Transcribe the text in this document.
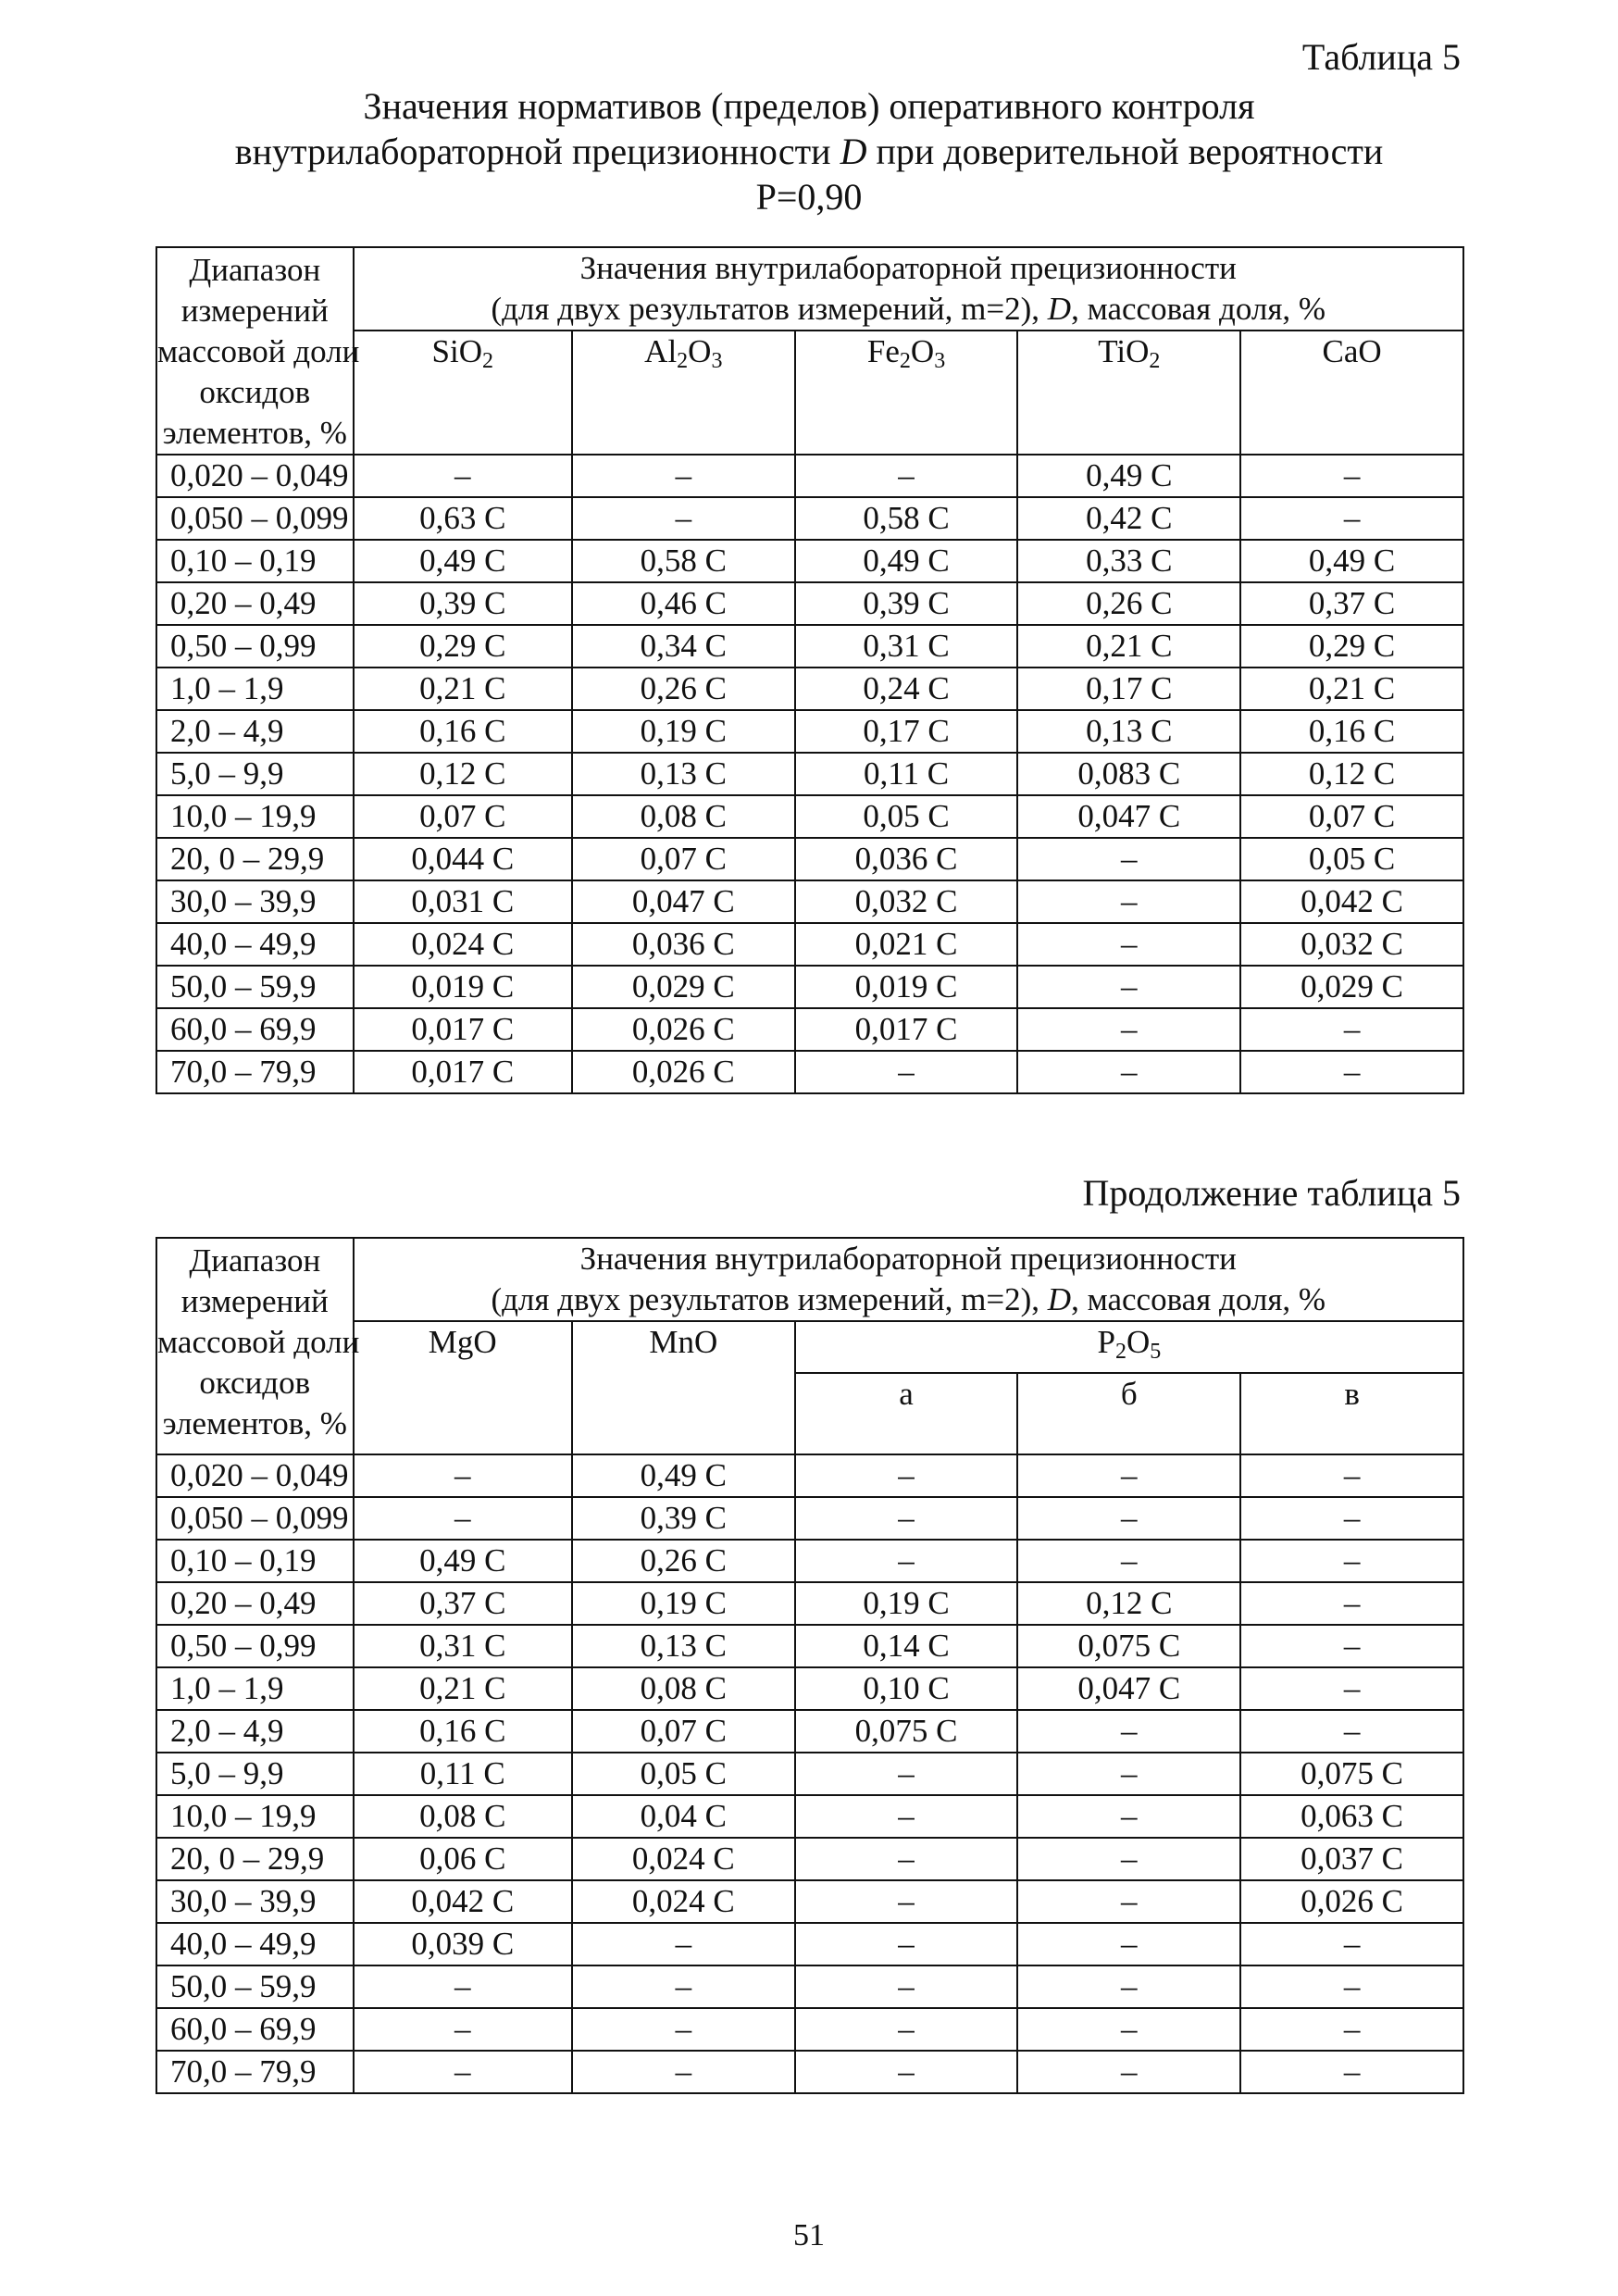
Таблица 5
Значения нормативов (пределов) оперативного контроля
внутрилабораторной прецизионности D при доверительной вероятности
P=0,90
Диапазон
измерений
массовой доли
оксидов
элементов, %	Значения внутрилабораторной прецизионности
(для двух результатов измерений, m=2), D, массовая доля, %				

	SiO$_2$	$Al_2O_3$	$Fe_2O_3$	TiO$_2$	CaO
0,020 – 0,049	–	–	–	0,49 С	–
0,050 – 0,099	0,63 С	–	0,58 С	0,42 С	–
0,10 – 0,19	0,49 С	0,58 С	0,49 С	0,33 С	0,49 С
0,20 – 0,49	0,39 С	0,46 С	0,39 С	0,26 С	0,37 С
0,50 – 0,99	0,29 С	0,34 С	0,31 С	0,21 С	0,29 С
1,0 – 1,9	0,21 С	0,26 С	0,24 С	0,17 С	0,21 С
2,0 – 4,9	0,16 С	0,19 С	0,17 С	0,13 С	0,16 С
5,0 – 9,9	0,12 С	0,13 С	0,11 С	0,083 С	0,12 С
10,0 – 19,9	0,07 С	0,08 С	0,05 С	0,047 С	0,07 С
20, 0 – 29,9	0,044 С	0,07 С	0,036 С	–	0,05 С
30,0 – 39,9	0,031 С	0,047 С	0,032 С	–	0,042 С
40,0 – 49,9	0,024 С	0,036 С	0,021 С	–	0,032 С
50,0 – 59,9	0,019 С	0,029 С	0,019 С	–	0,029 С
60,0 – 69,9	0,017 С	0,026 С	0,017 С	–	–
70,0 – 79,9	0,017 С	0,026 С	–	–	–
Продолжение таблица 5
Диапазон
измерений
массовой доли
оксидов
элементов, %	Значения внутрилабораторной прецизионности
(для двух результатов измерений, m=2), D, массовая доля, %				

	MgO	MnO	$P_2O_5$
			а	б	в
0,020 – 0,049	–	0,49 С	–	–	–
0,050 – 0,099	–	0,39 С	–	–	–
0,10 – 0,19	0,49 С	0,26 С	–	–	–
0,20 – 0,49	0,37 С	0,19 С	0,19 С	0,12 С	–
0,50 – 0,99	0,31 С	0,13 С	0,14 С	0,075 С	–
1,0 – 1,9	0,21 С	0,08 С	0,10 С	0,047 С	–
2,0 – 4,9	0,16 С	0,07 С	0,075 С	–	–
5,0 – 9,9	0,11 С	0,05 С	–	–	0,075 С
10,0 – 19,9	0,08 С	0,04 С	–	–	0,063 С
20, 0 – 29,9	0,06 С	0,024 С	–	–	0,037 С
30,0 – 39,9	0,042 С	0,024 С	–	–	0,026 С
40,0 – 49,9	0,039 С	–	–	–	–
50,0 – 59,9	–	–	–	–	–
60,0 – 69,9	–	–	–	–	–
70,0 – 79,9	–	–	–	–	–
51
